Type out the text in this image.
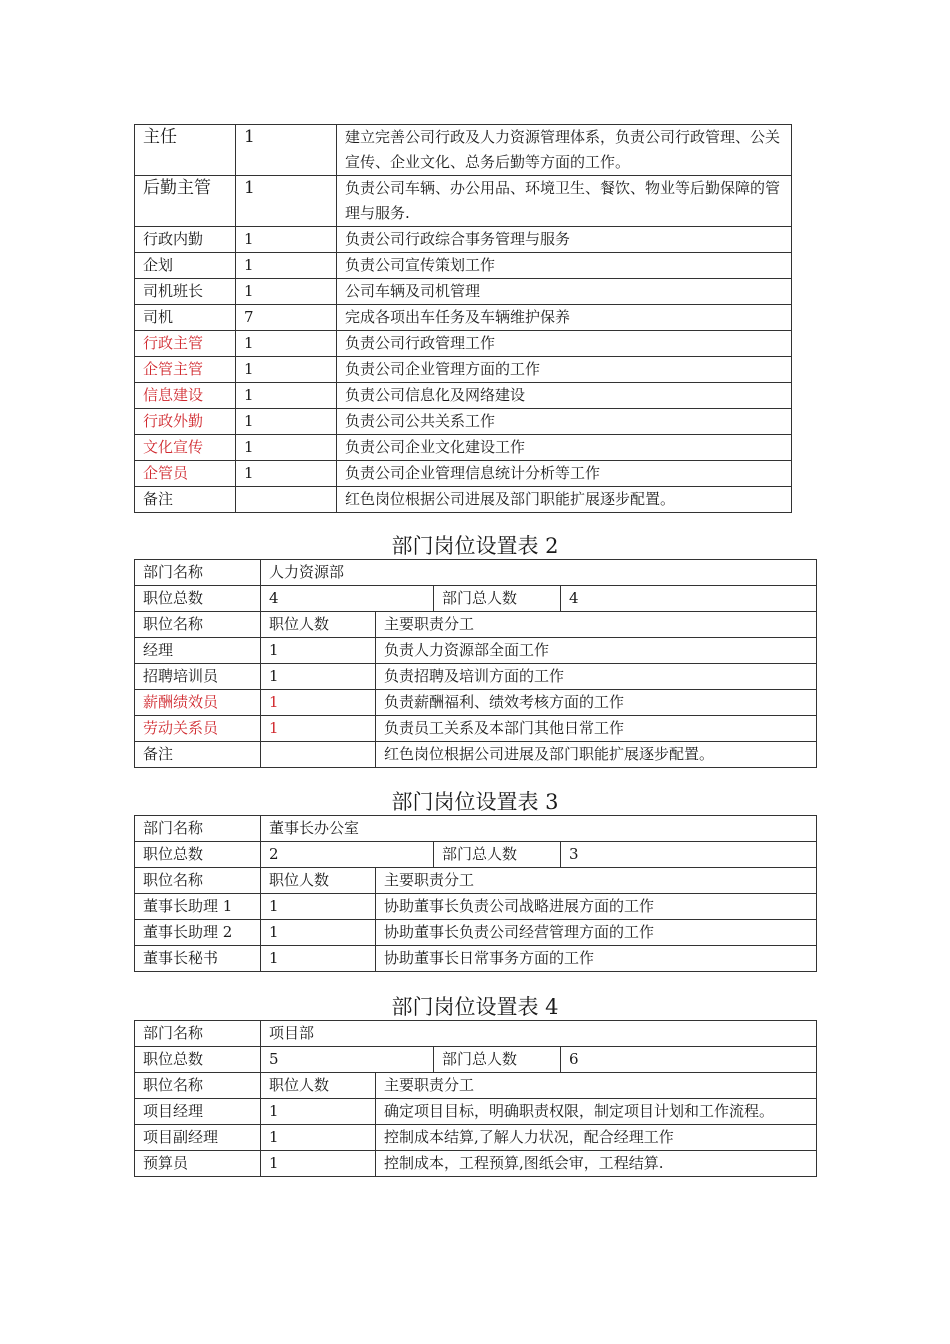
主任	1	建立完善公司行政及人力资源管理体系，负责公司行政管理、公关宣传、企业文化、总务后勤等方面的工作。
后勤主管	1	负责公司车辆、办公用品、环境卫生、餐饮、物业等后勤保障的管理与服务.
行政内勤	1	负责公司行政综合事务管理与服务
企划	1	负责公司宣传策划工作
司机班长	1	公司车辆及司机管理
司机	7	完成各项出车任务及车辆维护保养
行政主管	1	负责公司行政管理工作
企管主管	1	负责公司企业管理方面的工作
信息建设	1	负责公司信息化及网络建设
行政外勤	1	负责公司公共关系工作
文化宣传	1	负责公司企业文化建设工作
企管员	1	负责公司企业管理信息统计分析等工作
备注		红色岗位根据公司进展及部门职能扩展逐步配置。
部门岗位设置表 2
部门名称	人力资源部			
职位总数	4		部门总人数	4
职位名称	职位人数	主要职责分工		
经理	1	负责人力资源部全面工作		
招聘培训员	1	负责招聘及培训方面的工作		
薪酬绩效员	1	负责薪酬福利、绩效考核方面的工作		
劳动关系员	1	负责员工关系及本部门其他日常工作		
备注		红色岗位根据公司进展及部门职能扩展逐步配置。		
部门岗位设置表 3
部门名称	董事长办公室			
职位总数	2		部门总人数	3
职位名称	职位人数	主要职责分工		
董事长助理 1	1	协助董事长负责公司战略进展方面的工作		
董事长助理 2	1	协助董事长负责公司经营管理方面的工作		
董事长秘书	1	协助董事长日常事务方面的工作		
部门岗位设置表 4
部门名称	项目部			
职位总数	5		部门总人数	6
职位名称	职位人数	主要职责分工		
项目经理	1	确定项目目标，明确职责权限，制定项目计划和工作流程。		
项目副经理	1	控制成本结算,了解人力状况，配合经理工作		
预算员	1	控制成本，工程预算,图纸会审，工程结算.		
